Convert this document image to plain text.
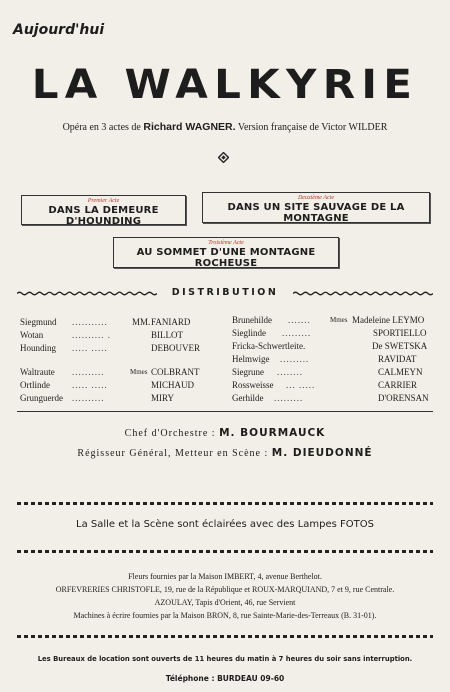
Aujourd'hui
LA WALKYRIE
Opéra en 3 actes de Richard WAGNER. Version française de Victor WILDER
Premier Acte
DANS LA DEMEURE D'HOUNDING
Deuxième Acte
DANS UN SITE SAUVAGE DE LA MONTAGNE
Troisième Acte
AU SOMMET D'UNE MONTAGNE ROCHEUSE
DISTRIBUTION
Siegmund ...........	MM. FANIARD
Wotan	.......... .	BILLOT
Hounding ..... .....	DEBOUVER
Waltraute ..........	Mmes COLBRANT
Ortlinde ..... .....	MICHAUD
Grunguerde ..........	MIRY
Brunehilde .......	Mmes Madeleine LEYMO
Sieglinde .........	SPORTIELLO
Fricka-Schwertleite.	De SWETSKA
Helmwige .........	RAVIDAT
Siegrune ........	CALMEYN
Rossweisse ... .....	CARRIER
Gerhilde .........	D'ORENSAN
Chef d'Orchestre : M. BOURMAUCK
Régisseur Général, Metteur en Scène : M. DIEUDONNÉ
La Salle et la Scène sont éclairées avec des Lampes FOTOS
Fleurs fournies par la Maison IMBERT, 4, avenue Berthelot.
ORFEVRERIES CHRISTOFLE, 19, rue de la République et ROUX-MARQUIAND, 7 et 9, rue Centrale.
AZOULAY, Tapis d'Orient, 46, rue Servient
Machines à écrire fournies par la Maison BRON, 8, rue Sainte-Marie-des-Terreaux (B. 31-01).
Les Bureaux de location sont ouverts de 11 heures du matin à 7 heures du soir sans interruption.
Téléphone : BURDEAU 09-60
